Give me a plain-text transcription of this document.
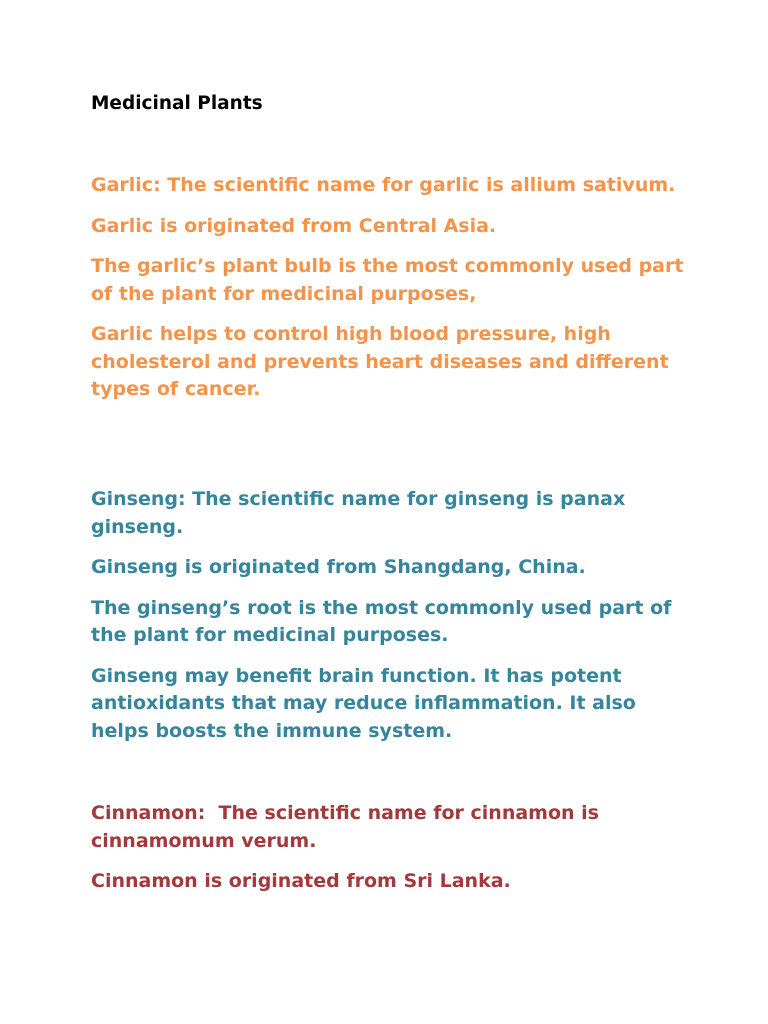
Medicinal Plants

Garlic: The scientific name for garlic is allium sativum.

Garlic is originated from Central Asia.

The garlic’s plant bulb is the most commonly used part of the plant for medicinal purposes,

Garlic helps to control high blood pressure, high cholesterol and prevents heart diseases and different types of cancer.

Ginseng: The scientific name for ginseng is panax ginseng.

Ginseng is originated from Shangdang, China.

The ginseng’s root is the most commonly used part of the plant for medicinal purposes.

Ginseng may benefit brain function. It has potent antioxidants that may reduce inflammation. It also helps boosts the immune system.

Cinnamon:  The scientific name for cinnamon is cinnamomum verum.

Cinnamon is originated from Sri Lanka.
